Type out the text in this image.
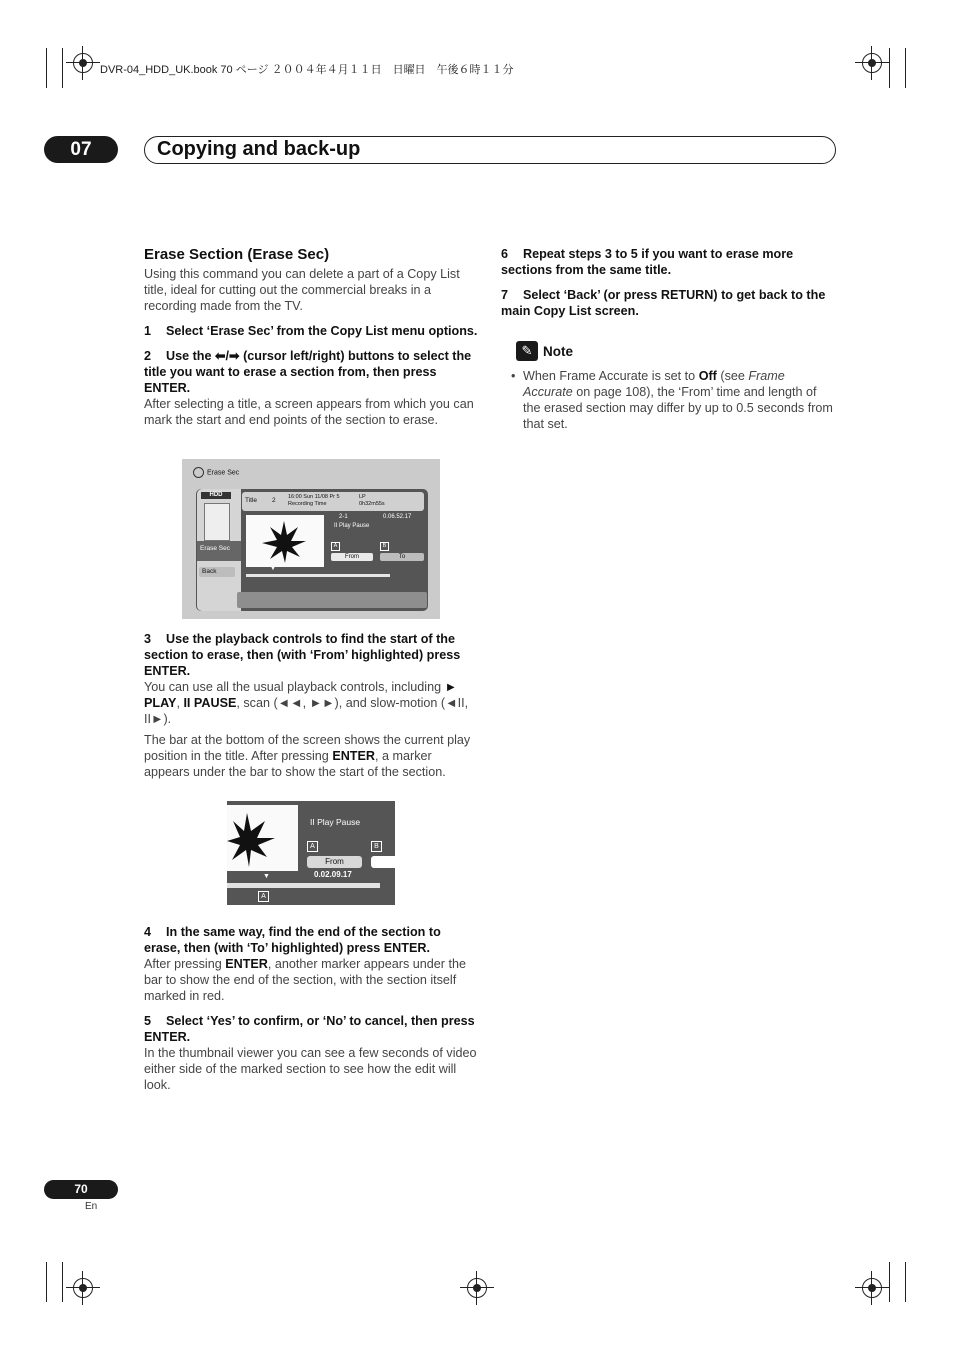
DVR-04_HDD_UK.book 70 ページ ２００４年４月１１日　日曜日　午後６時１１分
07	Copying and back-up
Erase Section (Erase Sec)

Using this command you can delete a part of a Copy List title, ideal for cutting out the commercial breaks in a recording made from the TV.

1 Select ‘Erase Sec’ from the Copy List menu options.

2 Use the ⬅/➡ (cursor left/right) buttons to select the title you want to erase a section from, then press ENTER.

After selecting a title, a screen appears from which you can mark the start and end points of the section to erase.

Erase Sec
HDD
Erase Sec
Back
Title 2 16:00 Sun 11/08 Pr 5
Recording Time
LP
0h32m55s
2-1	0.06.52.17
II Play Pause
A	B
From	To
▼

3 Use the playback controls to find the start of the section to erase, then (with ‘From’ highlighted) press ENTER.

You can use all the usual playback controls, including ► PLAY, II PAUSE, scan (◄◄, ►►), and slow-motion (◄II, II►).

The bar at the bottom of the screen shows the current play position in the title. After pressing ENTER, a marker appears under the bar to show the start of the section.

II Play Pause
A	B
From
0.02.09.17
▼
A

4 In the same way, find the end of the section to erase, then (with ‘To’ highlighted) press ENTER.

After pressing ENTER, another marker appears under the bar to show the end of the section, with the section itself marked in red.

5 Select ‘Yes’ to confirm, or ‘No’ to cancel, then press ENTER.

In the thumbnail viewer you can see a few seconds of video either side of the marked section to see how the edit will look.

6 Repeat steps 3 to 5 if you want to erase more sections from the same title.

7 Select ‘Back’ (or press RETURN) to get back to the main Copy List screen.

✎ Note
• When Frame Accurate is set to Off (see Frame Accurate on page 108), the ‘From’ time and length of the erased section may differ by up to 0.5 seconds from that set.
70
En
